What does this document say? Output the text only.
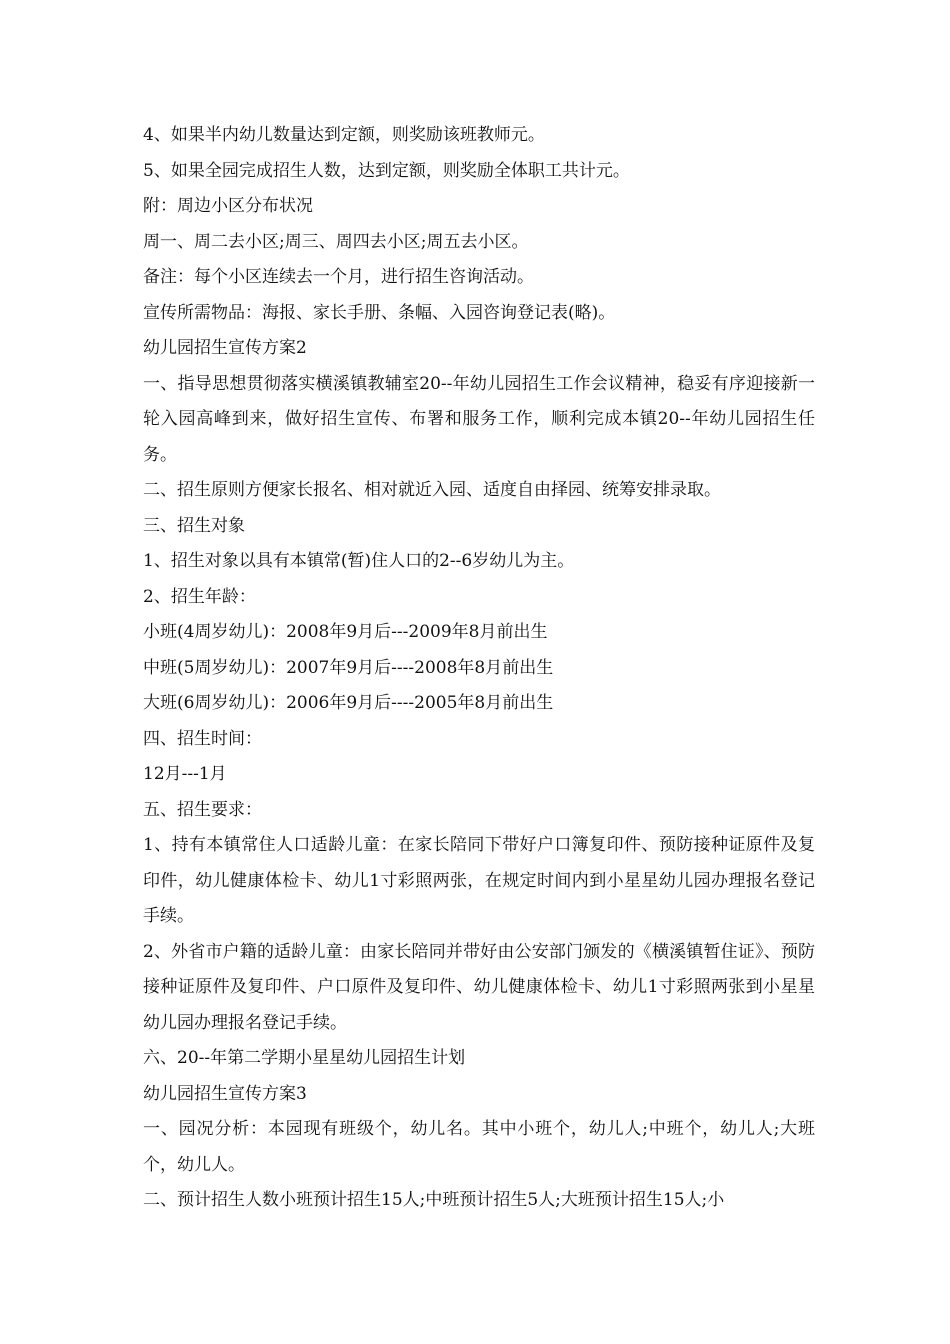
4、如果半内幼儿数量达到定额，则奖励该班教师元。
5、如果全园完成招生人数，达到定额，则奖励全体职工共计元。
附：周边小区分布状况
周一、周二去小区;周三、周四去小区;周五去小区。
备注：每个小区连续去一个月，进行招生咨询活动。
宣传所需物品：海报、家长手册、条幅、入园咨询登记表(略)。
幼儿园招生宣传方案2
一、指导思想贯彻落实横溪镇教辅室20--年幼儿园招生工作会议精神，稳妥有序迎接新一轮入园高峰到来，做好招生宣传、布署和服务工作，顺利完成本镇20--年幼儿园招生任务。
二、招生原则方便家长报名、相对就近入园、适度自由择园、统筹安排录取。
三、招生对象
1、招生对象以具有本镇常(暂)住人口的2--6岁幼儿为主。
2、招生年龄：
小班(4周岁幼儿)：2008年9月后---2009年8月前出生
中班(5周岁幼儿)：2007年9月后----2008年8月前出生
大班(6周岁幼儿)：2006年9月后----2005年8月前出生
四、招生时间：
12月---1月
五、招生要求：
1、持有本镇常住人口适龄儿童：在家长陪同下带好户口簿复印件、预防接种证原件及复印件，幼儿健康体检卡、幼儿1寸彩照两张，在规定时间内到小星星幼儿园办理报名登记手续。
2、外省市户籍的适龄儿童：由家长陪同并带好由公安部门颁发的《横溪镇暂住证》、预防接种证原件及复印件、户口原件及复印件、幼儿健康体检卡、幼儿1寸彩照两张到小星星幼儿园办理报名登记手续。
六、20--年第二学期小星星幼儿园招生计划
幼儿园招生宣传方案3
一、园况分析：本园现有班级个，幼儿名。其中小班个，幼儿人;中班个，幼儿人;大班个，幼儿人。
二、预计招生人数小班预计招生15人;中班预计招生5人;大班预计招生15人;小
